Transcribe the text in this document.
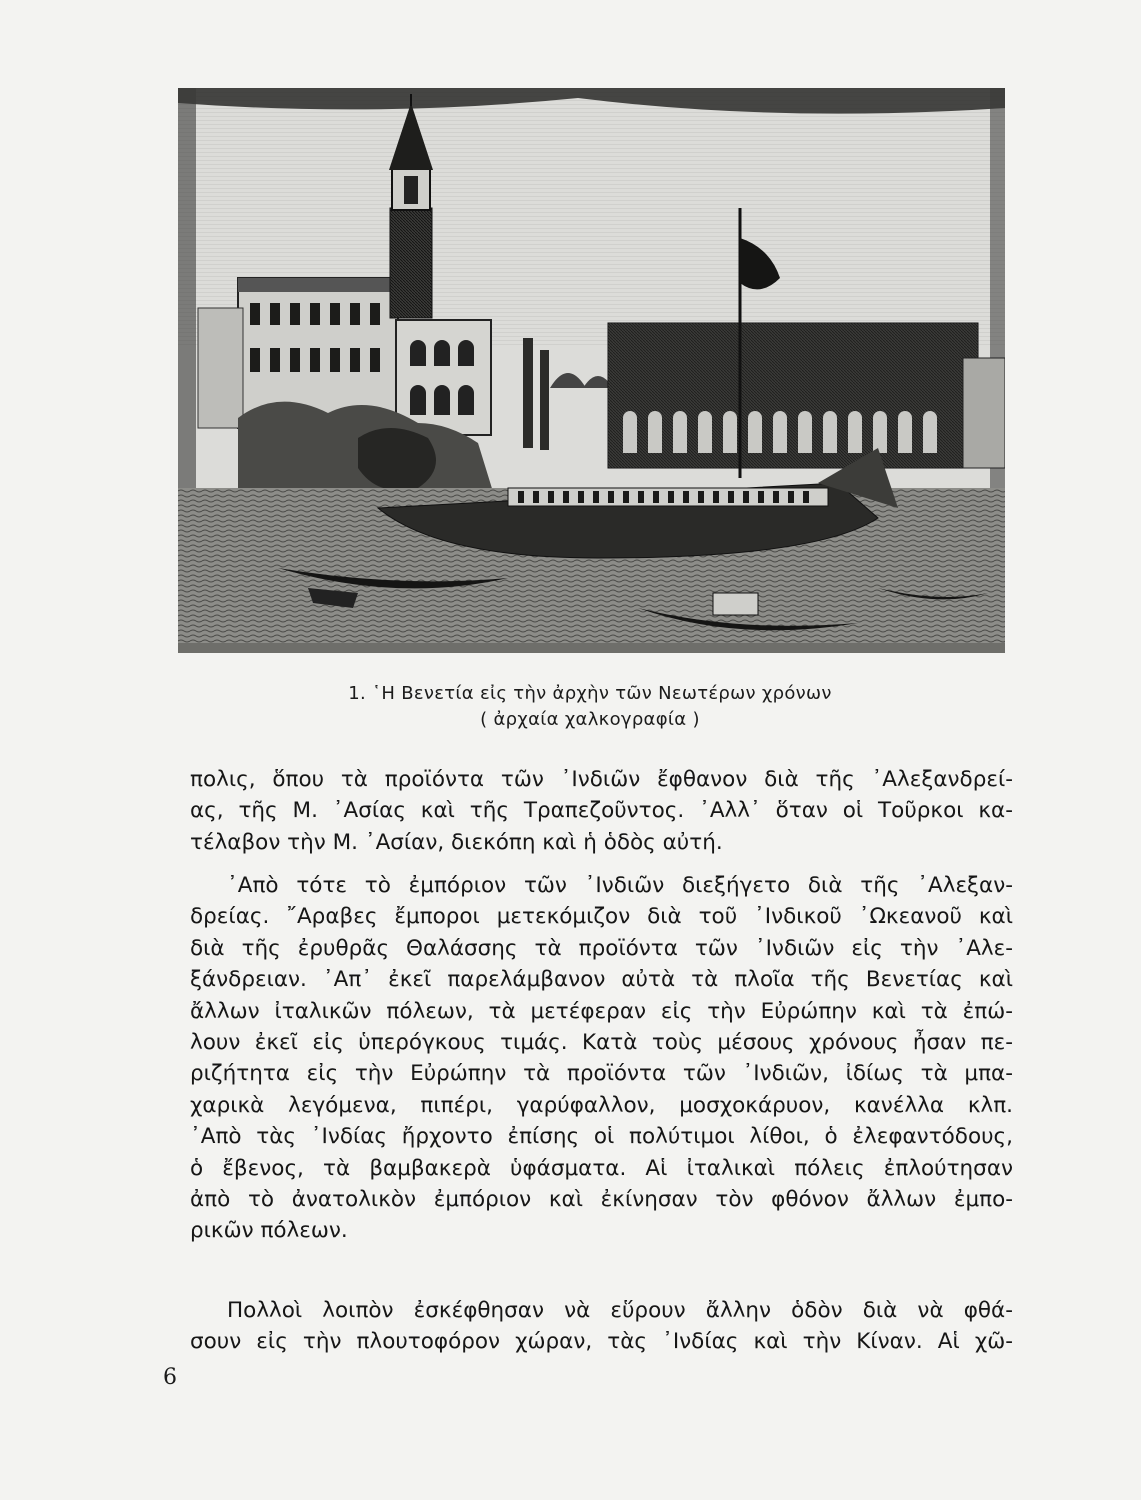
1. ῾Η Βενετία εἰς τὴν ἀρχὴν τῶν Νεωτέρων χρόνων
( ἀρχαία χαλκογραφία )
πολις, ὅπου τὰ προϊόντα τῶν ᾿Ινδιῶν ἔφθανον διὰ τῆς ᾿Αλεξανδρεί-
ας, τῆς Μ. ᾿Ασίας καὶ τῆς Τραπεζοῦντος. ᾿Αλλ᾿ ὅταν οἱ Τοῦρκοι κα-
τέλαβον τὴν Μ. ᾿Ασίαν, διεκόπη καὶ ἡ ὁδὸς αὐτή.
᾿Απὸ τότε τὸ ἐμπόριον τῶν ᾿Ινδιῶν διεξήγετο διὰ τῆς ᾿Αλεξαν-
δρείας. ῎Αραβες ἔμποροι μετεκόμιζον διὰ τοῦ ᾿Ινδικοῦ ᾿Ωκεανοῦ καὶ
διὰ τῆς ἐρυθρᾶς Θαλάσσης τὰ προϊόντα τῶν ᾿Ινδιῶν εἰς τὴν ᾿Αλε-
ξάνδρειαν. ᾿Απ᾿ ἐκεῖ παρελάμβανον αὐτὰ τὰ πλοῖα τῆς Βενετίας καὶ
ἄλλων ἰταλικῶν πόλεων, τὰ μετέφεραν εἰς τὴν Εὐρώπην καὶ τὰ ἐπώ-
λουν ἐκεῖ εἰς ὑπερόγκους τιμάς. Κατὰ τοὺς μέσους χρόνους ἦσαν πε-
ριζήτητα εἰς τὴν Εὐρώπην τὰ προϊόντα τῶν ᾿Ινδιῶν, ἰδίως τὰ μπα-
χαρικὰ λεγόμενα, πιπέρι, γαρύφαλλον, μοσχοκάρυον, κανέλλα κλπ.
᾿Απὸ τὰς ᾿Ινδίας ἤρχοντο ἐπίσης οἱ πολύτιμοι λίθοι, ὁ ἐλεφαντόδους,
ὁ ἔβενος, τὰ βαμβακερὰ ὑφάσματα. Αἱ ἰταλικαὶ πόλεις ἐπλούτησαν
ἀπὸ τὸ ἀνατολικὸν ἐμπόριον καὶ ἐκίνησαν τὸν φθόνον ἄλλων ἐμπο-
ρικῶν πόλεων.
Πολλοὶ λοιπὸν ἐσκέφθησαν νὰ εὕρουν ἄλλην ὁδὸν διὰ νὰ φθά-
σουν εἰς τὴν πλουτοφόρον χώραν, τὰς ᾿Ινδίας καὶ τὴν Κίναν. Αἱ χῶ-
6
